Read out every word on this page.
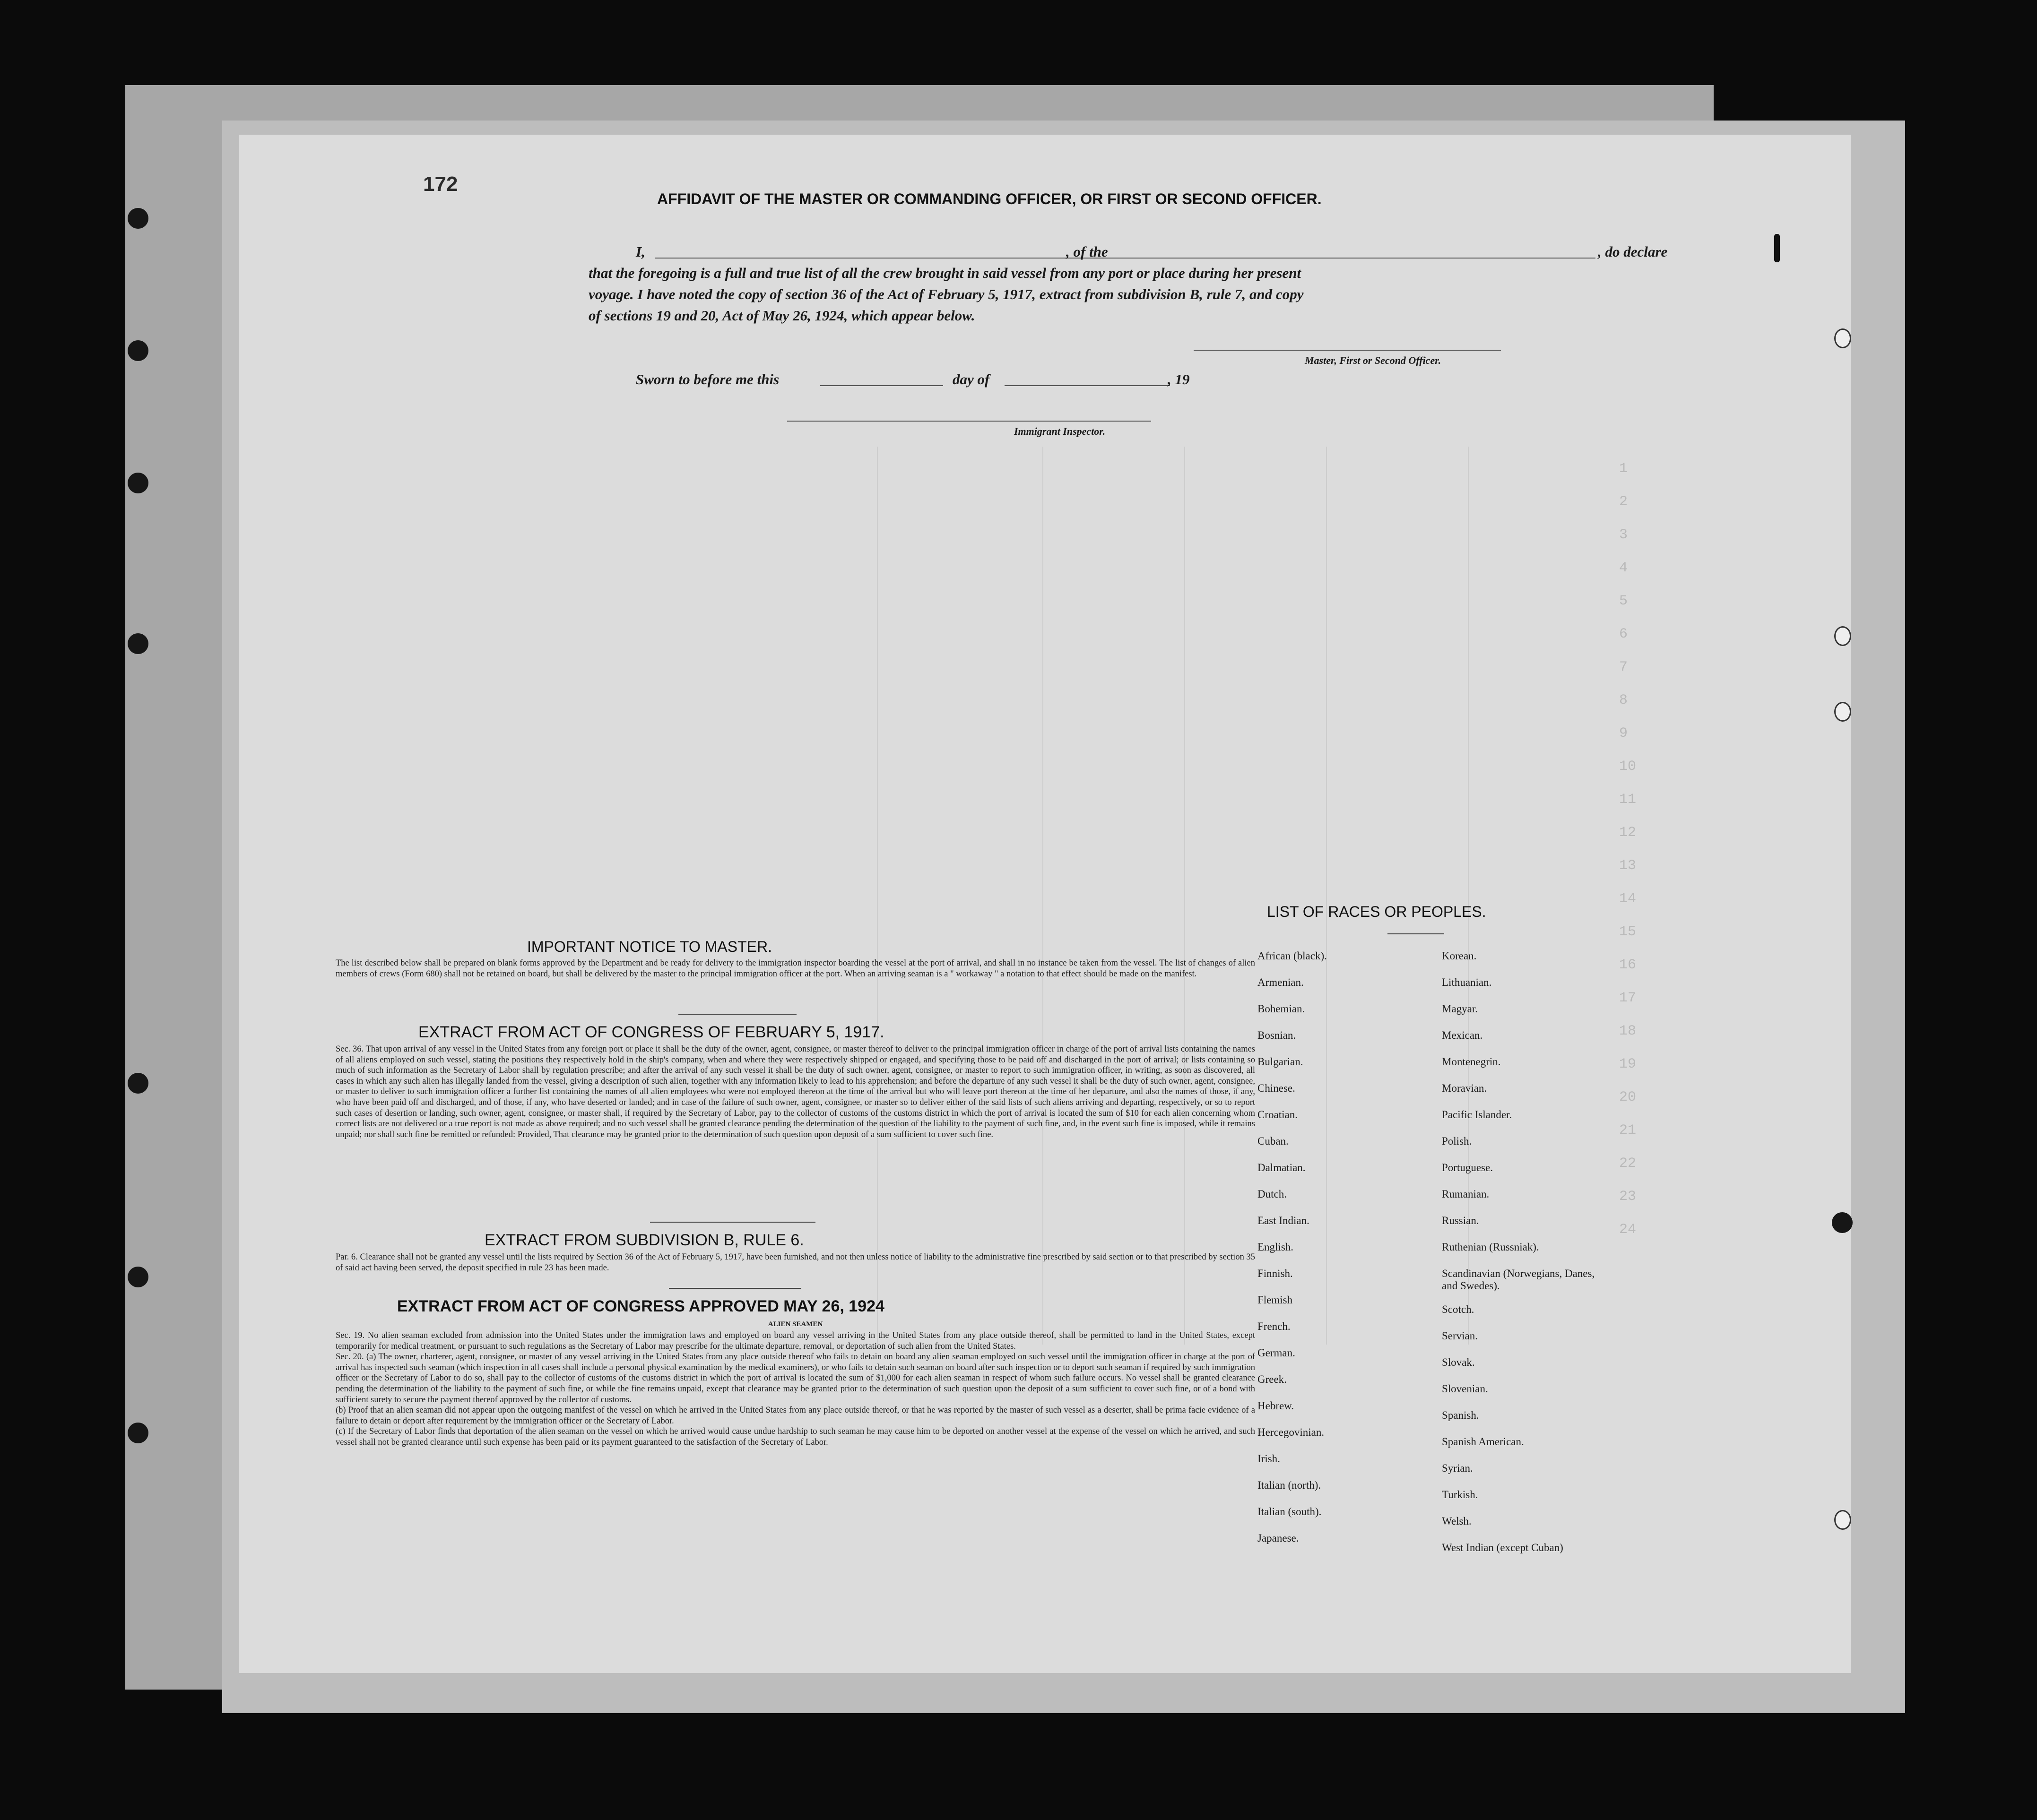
1
2
3
4
5
6
7
8
9
10
11
12
13
14
15
16
17
18
19
20
21
22
23
24
172
AFFIDAVIT OF THE MASTER OR COMMANDING OFFICER, OR FIRST OR SECOND OFFICER.
I,	, of the	, do declare
that the foregoing is a full and true list of all the crew brought in said vessel from any port or place during her present
voyage. I have noted the copy of section 36 of the Act of February 5, 1917, extract from subdivision B, rule 7, and copy
of sections 19 and 20, Act of May 26, 1924, which appear below.
Master, First or Second Officer.
Sworn to before me this	day of	, 19
Immigrant Inspector.
IMPORTANT NOTICE TO MASTER.
The list described below shall be prepared on blank forms approved by the Department and be ready for delivery to the immigration inspector boarding the vessel at the port of arrival, and shall in no instance be taken from the vessel. The list of changes of alien members of crews (Form 680) shall not be retained on board, but shall be delivered by the master to the principal immigration officer at the port. When an arriving seaman is a " workaway " a notation to that effect should be made on the manifest.
EXTRACT FROM ACT OF CONGRESS OF FEBRUARY 5, 1917.
Sec. 36. That upon arrival of any vessel in the United States from any foreign port or place it shall be the duty of the owner, agent, consignee, or master thereof to deliver to the principal immigration officer in charge of the port of arrival lists containing the names of all aliens employed on such vessel, stating the positions they respectively hold in the ship's company, when and where they were respectively shipped or engaged, and specifying those to be paid off and discharged in the port of arrival; or lists containing so much of such information as the Secretary of Labor shall by regulation prescribe; and after the arrival of any such vessel it shall be the duty of such owner, agent, consignee, or master to report to such immigration officer, in writing, as soon as discovered, all cases in which any such alien has illegally landed from the vessel, giving a description of such alien, together with any information likely to lead to his apprehension; and before the departure of any such vessel it shall be the duty of such owner, agent, consignee, or master to deliver to such immigration officer a further list containing the names of all alien employees who were not employed thereon at the time of the arrival but who will leave port thereon at the time of her departure, and also the names of those, if any, who have been paid off and discharged, and of those, if any, who have deserted or landed; and in case of the failure of such owner, agent, consignee, or master so to deliver either of the said lists of such aliens arriving and departing, respectively, or so to report such cases of desertion or landing, such owner, agent, consignee, or master shall, if required by the Secretary of Labor, pay to the collector of customs of the customs district in which the port of arrival is located the sum of $10 for each alien concerning whom correct lists are not delivered or a true report is not made as above required; and no such vessel shall be granted clearance pending the determination of the question of the liability to the payment of such fine, and, in the event such fine is imposed, while it remains unpaid; nor shall such fine be remitted or refunded: Provided, That clearance may be granted prior to the determination of such question upon deposit of a sum sufficient to cover such fine.
EXTRACT FROM SUBDIVISION B, RULE 6.
Par. 6. Clearance shall not be granted any vessel until the lists required by Section 36 of the Act of February 5, 1917, have been furnished, and not then unless notice of liability to the administrative fine prescribed by said section or to that prescribed by section 35 of said act having been served, the deposit specified in rule 23 has been made.
EXTRACT FROM ACT OF CONGRESS APPROVED MAY 26, 1924
ALIEN SEAMEN

Sec. 19. No alien seaman excluded from admission into the United States under the immigration laws and employed on board any vessel arriving in the United States from any place outside thereof, shall be permitted to land in the United States, except temporarily for medical treatment, or pursuant to such regulations as the Secretary of Labor may prescribe for the ultimate departure, removal, or deportation of such alien from the United States.

Sec. 20. (a) The owner, charterer, agent, consignee, or master of any vessel arriving in the United States from any place outside thereof who fails to detain on board any alien seaman employed on such vessel until the immigration officer in charge at the port of arrival has inspected such seaman (which inspection in all cases shall include a personal physical examination by the medical examiners), or who fails to detain such seaman on board after such inspection or to deport such seaman if required by such immigration officer or the Secretary of Labor to do so, shall pay to the collector of customs of the customs district in which the port of arrival is located the sum of $1,000 for each alien seaman in respect of whom such failure occurs. No vessel shall be granted clearance pending the determination of the liability to the payment of such fine, or while the fine remains unpaid, except that clearance may be granted prior to the determination of such question upon the deposit of a sum sufficient to cover such fine, or of a bond with sufficient surety to secure the payment thereof approved by the collector of customs.

(b) Proof that an alien seaman did not appear upon the outgoing manifest of the vessel on which he arrived in the United States from any place outside thereof, or that he was reported by the master of such vessel as a deserter, shall be prima facie evidence of a failure to detain or deport after requirement by the immigration officer or the Secretary of Labor.

(c) If the Secretary of Labor finds that deportation of the alien seaman on the vessel on which he arrived would cause undue hardship to such seaman he may cause him to be deported on another vessel at the expense of the vessel on which he arrived, and such vessel shall not be granted clearance until such expense has been paid or its payment guaranteed to the satisfaction of the Secretary of Labor.

LIST OF RACES OR PEOPLES.
African (black).
Armenian.
Bohemian.
Bosnian.
Bulgarian.
Chinese.
Croatian.
Cuban.
Dalmatian.
Dutch.
East Indian.
English.
Finnish.
Flemish
French.
German.
Greek.
Hebrew.
Hercegovinian.
Irish.
Italian (north).
Italian (south).
Japanese.
Korean.
Lithuanian.
Magyar.
Mexican.
Montenegrin.
Moravian.
Pacific Islander.
Polish.
Portuguese.
Rumanian.
Russian.
Ruthenian (Russniak).
Scandinavian (Norwegians, Danes, and Swedes).
Scotch.
Servian.
Slovak.
Slovenian.
Spanish.
Spanish American.
Syrian.
Turkish.
Welsh.
West Indian (except Cuban)
